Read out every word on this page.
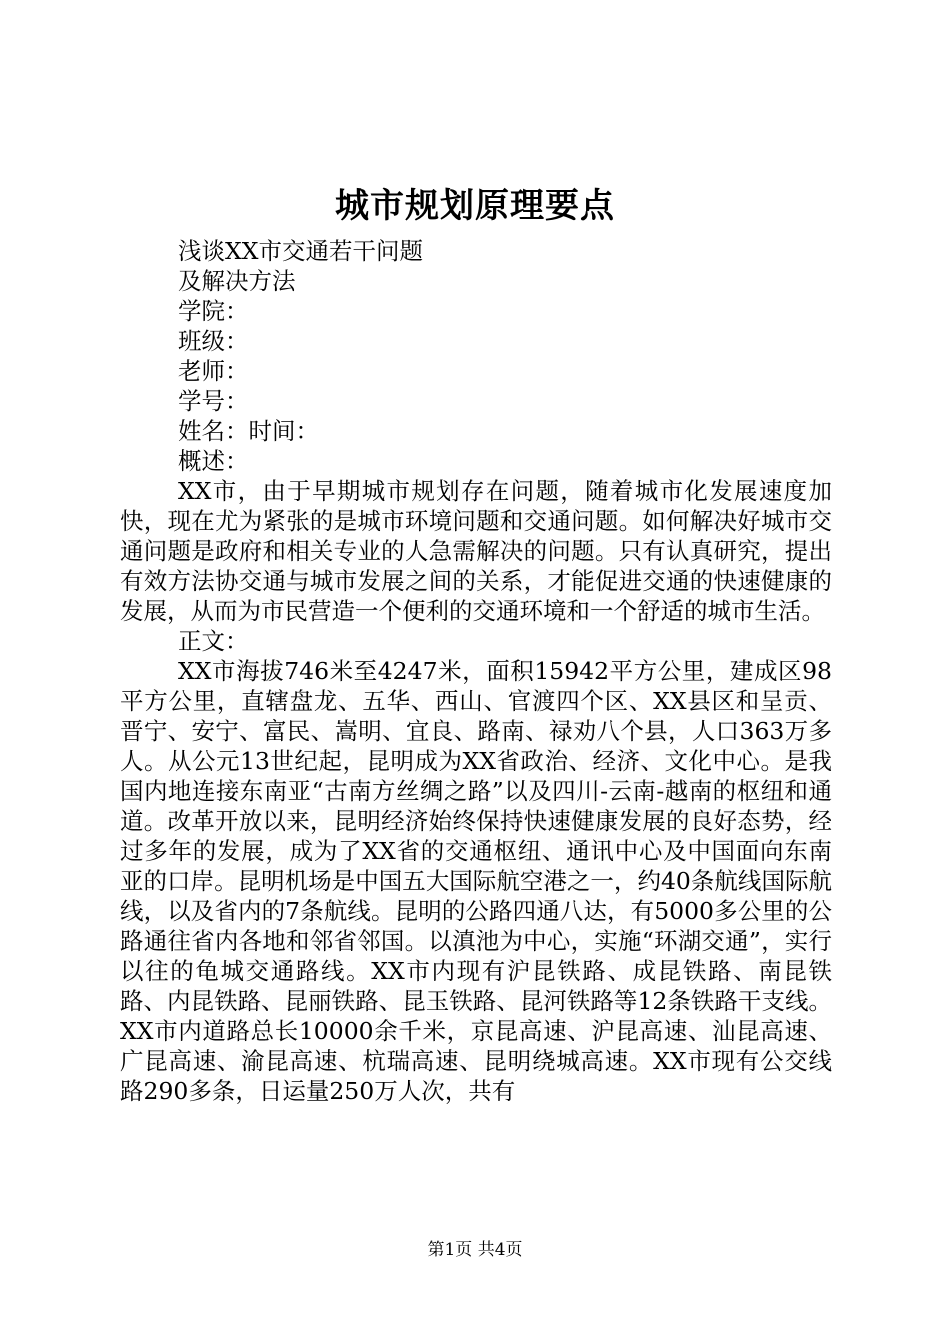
城市规划原理要点
浅谈XX市交通若干问题
及解决方法
学院：
班级：
老师：
学号：
姓名：时间：
概述：
XX市，由于早期城市规划存在问题，随着城市化发展速度加快，现在尤为紧张的是城市环境问题和交通问题。如何解决好城市交通问题是政府和相关专业的人急需解决的问题。只有认真研究，提出有效方法协交通与城市发展之间的关系，才能促进交通的快速健康的发展，从而为市民营造一个便利的交通环境和一个舒适的城市生活。
正文：
XX市海拔746米至4247米，面积15942平方公里，建成区98平方公里，直辖盘龙、五华、西山、官渡四个区、XX县区和呈贡、晋宁、安宁、富民、嵩明、宜良、路南、禄劝八个县，人口363万多人。从公元13世纪起，昆明成为XX省政治、经济、文化中心。是我国内地连接东南亚“古南方丝绸之路”以及四川-云南-越南的枢纽和通道。改革开放以来，昆明经济始终保持快速健康发展的良好态势，经过多年的发展，成为了XX省的交通枢纽、通讯中心及中国面向东南亚的口岸。昆明机场是中国五大国际航空港之一，约40条航线国际航线，以及省内的7条航线。昆明的公路四通八达，有5000多公里的公路通往省内各地和邻省邻国。以滇池为中心，实施“环湖交通”，实行以往的龟城交通路线。XX市内现有沪昆铁路、成昆铁路、南昆铁路、内昆铁路、昆丽铁路、昆玉铁路、昆河铁路等12条铁路干支线。XX市内道路总长10000余千米，京昆高速、沪昆高速、汕昆高速、广昆高速、渝昆高速、杭瑞高速、昆明绕城高速。XX市现有公交线路290多条，日运量250万人次，共有
第1页 共4页
